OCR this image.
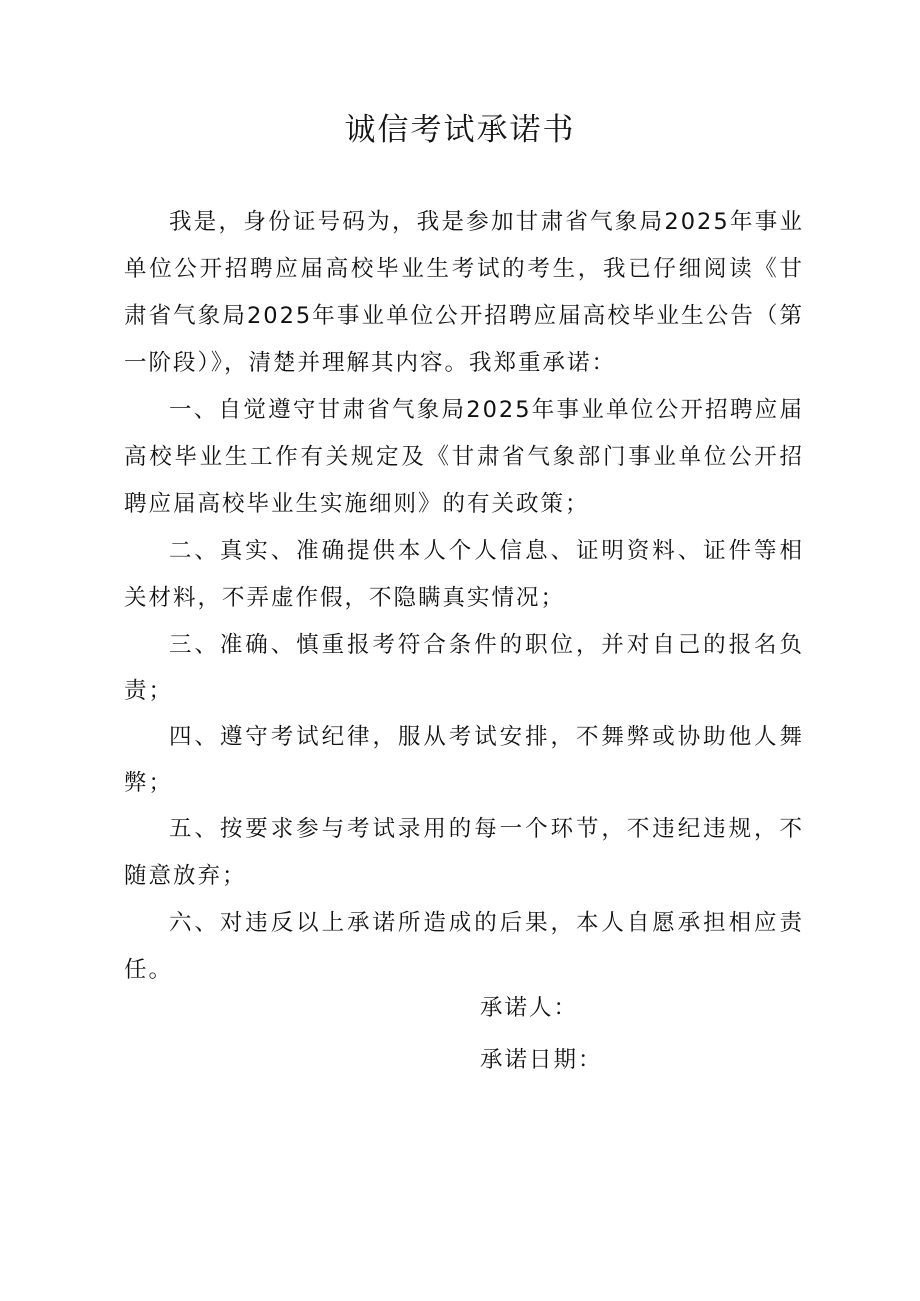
诚信考试承诺书

我是，身份证号码为，我是参加甘肃省气象局2025年事业单位公开招聘应届高校毕业生考试的考生，我已仔细阅读《甘肃省气象局2025年事业单位公开招聘应届高校毕业生公告（第一阶段）》，清楚并理解其内容。我郑重承诺：

一、自觉遵守甘肃省气象局2025年事业单位公开招聘应届高校毕业生工作有关规定及《甘肃省气象部门事业单位公开招聘应届高校毕业生实施细则》的有关政策；

二、真实、准确提供本人个人信息、证明资料、证件等相关材料，不弄虚作假，不隐瞒真实情况；

三、准确、慎重报考符合条件的职位，并对自己的报名负责；

四、遵守考试纪律，服从考试安排，不舞弊或协助他人舞弊；

五、按要求参与考试录用的每一个环节，不违纪违规，不随意放弃；

六、对违反以上承诺所造成的后果，本人自愿承担相应责任。

承诺人：
承诺日期：
